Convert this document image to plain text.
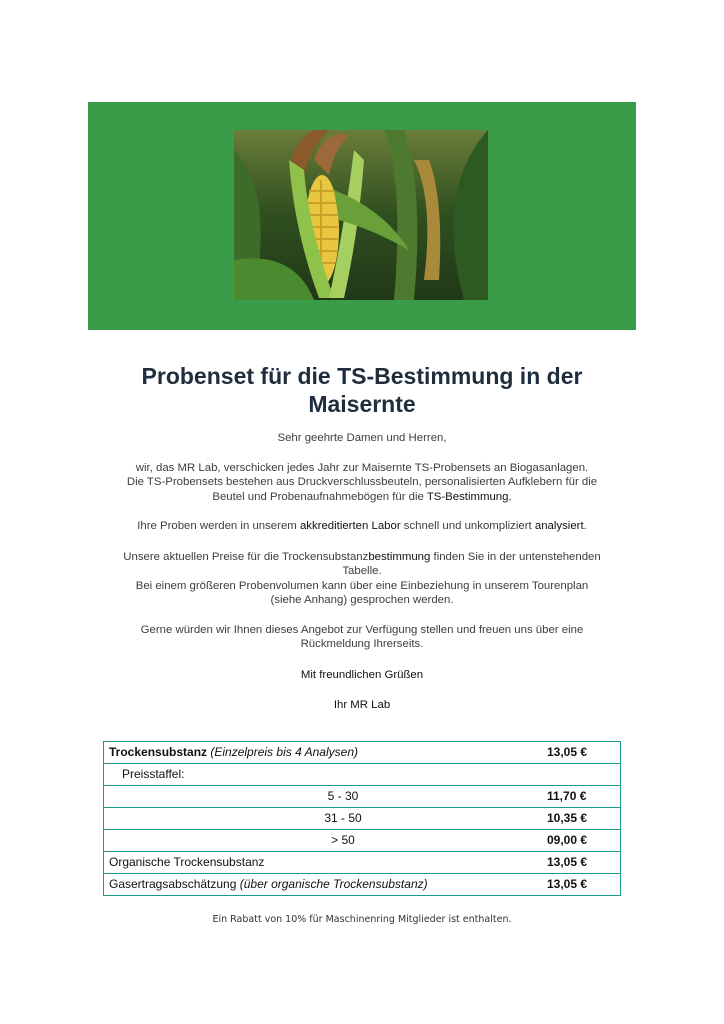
Probenset für die TS-Bestimmung in der Maisernte
Sehr geehrte Damen und Herren,
wir, das MR Lab, verschicken jedes Jahr zur Maisernte TS-Probensets an Biogasanlagen.
Die TS-Probensets bestehen aus Druckverschlussbeuteln, personalisierten Aufklebern für die
Beutel und Probenaufnahmebögen für die TS-Bestimmung.
Ihre Proben werden in unserem akkreditierten Labor schnell und unkompliziert analysiert.
Unsere aktuellen Preise für die Trockensubstanzbestimmung finden Sie in der untenstehenden
Tabelle.
Bei einem größeren Probenvolumen kann über eine Einbeziehung in unserem Tourenplan
(siehe Anhang) gesprochen werden.
Gerne würden wir Ihnen dieses Angebot zur Verfügung stellen und freuen uns über eine
Rückmeldung Ihrerseits.
Mit freundlichen Grüßen
Ihr MR Lab
Trockensubstanz (Einzelpreis bis 4 Analysen)	13,05 €
Preisstaffel:
5 - 30	11,70 €
31 - 50	10,35 €
> 50	09,00 €
Organische Trockensubstanz	13,05 €
Gasertragsabschätzung (über organische Trockensubstanz)	13,05 €
Ein Rabatt von 10% für Maschinenring Mitglieder ist enthalten.
